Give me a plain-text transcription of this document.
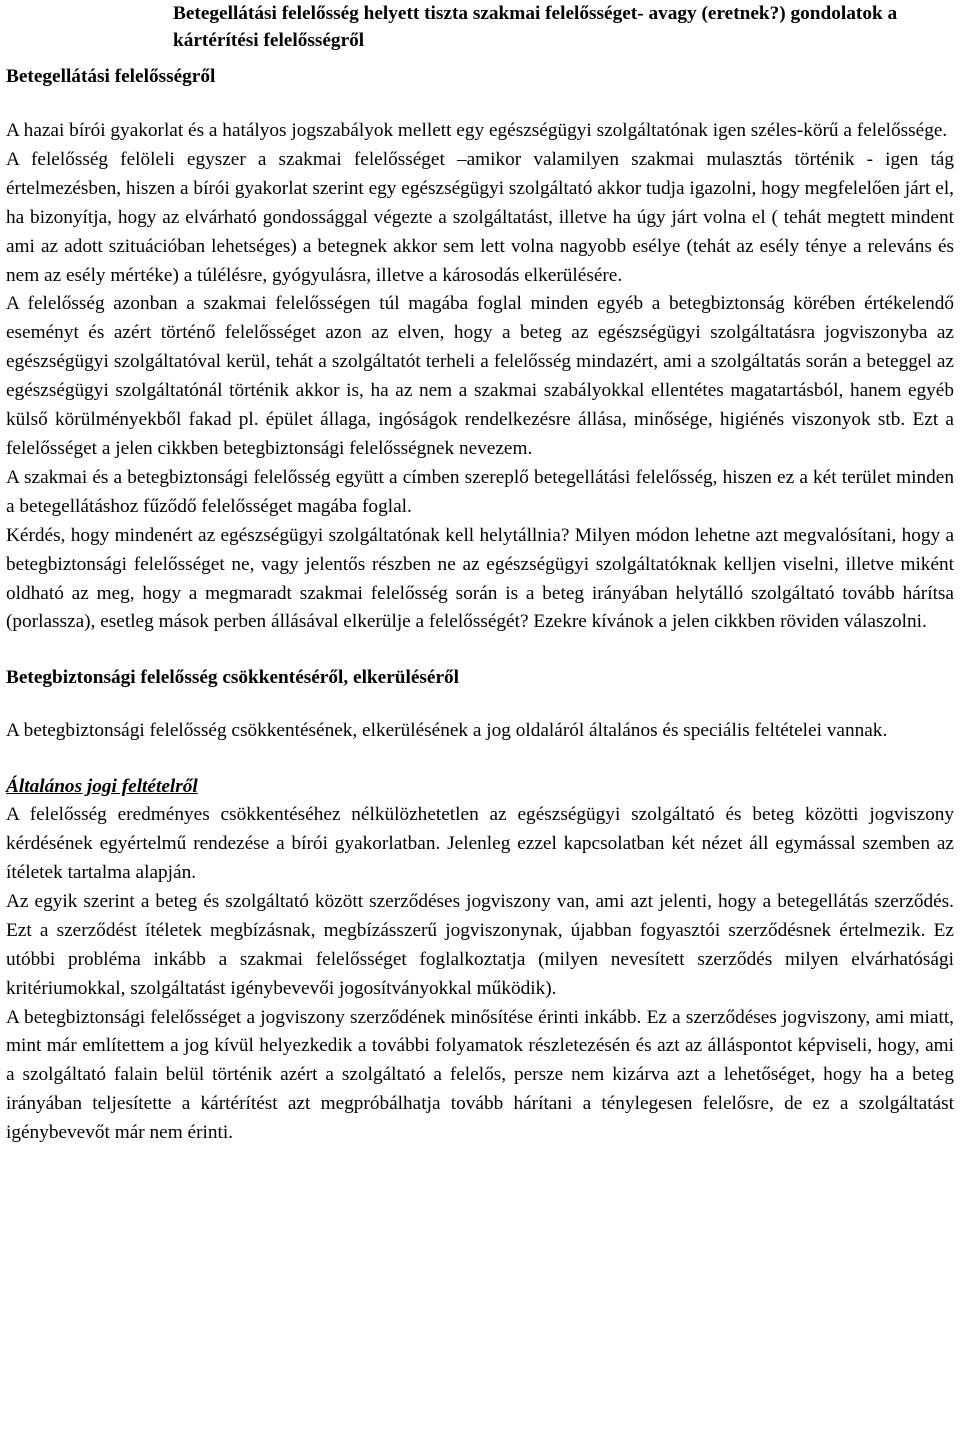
Betegellátási felelősség helyett tiszta szakmai felelősséget- avagy (eretnek?) gondolatok a kártérítési felelősségről
Betegellátási felelősségről

A hazai bírói gyakorlat és a hatályos jogszabályok mellett egy egészségügyi szolgáltatónak igen széles-körű a felelőssége.

A felelősség felöleli egyszer a szakmai felelősséget –amikor valamilyen szakmai mulasztás történik - igen tág értelmezésben, hiszen a bírói gyakorlat szerint egy egészségügyi szolgáltató akkor tudja igazolni, hogy megfelelően járt el, ha bizonyítja, hogy az elvárható gondossággal végezte a szolgáltatást, illetve ha úgy járt volna el ( tehát megtett mindent ami az adott szituációban lehetséges) a betegnek akkor sem lett volna nagyobb esélye (tehát az esély ténye a releváns és nem az esély mértéke) a túlélésre, gyógyulásra, illetve a károsodás elkerülésére.

A felelősség azonban a szakmai felelősségen túl magába foglal minden egyéb a betegbiztonság körében értékelendő eseményt és azért történő felelősséget azon az elven, hogy a beteg az egészségügyi szolgáltatásra jogviszonyba az egészségügyi szolgáltatóval kerül, tehát a szolgáltatót terheli a felelősség mindazért, ami a szolgáltatás során a beteggel az egészségügyi szolgáltatónál történik akkor is, ha az nem a szakmai szabályokkal ellentétes magatartásból, hanem egyéb külső körülményekből fakad pl. épület állaga, ingóságok rendelkezésre állása, minősége, higiénés viszonyok stb. Ezt a felelősséget a jelen cikkben betegbiztonsági felelősségnek nevezem.

A szakmai és a betegbiztonsági felelősség együtt a címben szereplő betegellátási felelősség, hiszen ez a két terület minden a betegellátáshoz fűződő felelősséget magába foglal.

Kérdés, hogy mindenért az egészségügyi szolgáltatónak kell helytállnia? Milyen módon lehetne azt megvalósítani, hogy a betegbiztonsági felelősséget ne, vagy jelentős részben ne az egészségügyi szolgáltatóknak kelljen viselni, illetve miként oldható az meg, hogy a megmaradt szakmai felelősség során is a beteg irányában helytálló szolgáltató tovább hárítsa (porlassza), esetleg mások perben állásával elkerülje a felelősségét? Ezekre kívánok a jelen cikkben röviden válaszolni.

Betegbiztonsági felelősség csökkentéséről, elkerüléséről

A betegbiztonsági felelősség csökkentésének, elkerülésének a jog oldaláról általános és speciális feltételei vannak.

Általános jogi feltételről

A felelősség eredményes csökkentéséhez nélkülözhetetlen az egészségügyi szolgáltató és beteg közötti jogviszony kérdésének egyértelmű rendezése a bírói gyakorlatban. Jelenleg ezzel kapcsolatban két nézet áll egymással szemben az ítéletek tartalma alapján.

Az egyik szerint a beteg és szolgáltató között szerződéses jogviszony van, ami azt jelenti, hogy a betegellátás szerződés. Ezt a szerződést ítéletek megbízásnak, megbízásszerű jogviszonynak, újabban fogyasztói szerződésnek értelmezik. Ez utóbbi probléma inkább a szakmai felelősséget foglalkoztatja (milyen nevesített szerződés milyen elvárhatósági kritériumokkal, szolgáltatást igénybevevői jogosítványokkal működik).

A betegbiztonsági felelősséget a jogviszony szerződének minősítése érinti inkább. Ez a szerződéses jogviszony, ami miatt, mint már említettem a jog kívül helyezkedik a további folyamatok részletezésén és azt az álláspontot képviseli, hogy, ami a szolgáltató falain belül történik azért a szolgáltató a felelős, persze nem kizárva azt a lehetőséget, hogy ha a beteg irányában teljesítette a kártérítést azt megpróbálhatja tovább hárítani a ténylegesen felelősre, de ez a szolgáltatást igénybevevőt már nem érinti.
